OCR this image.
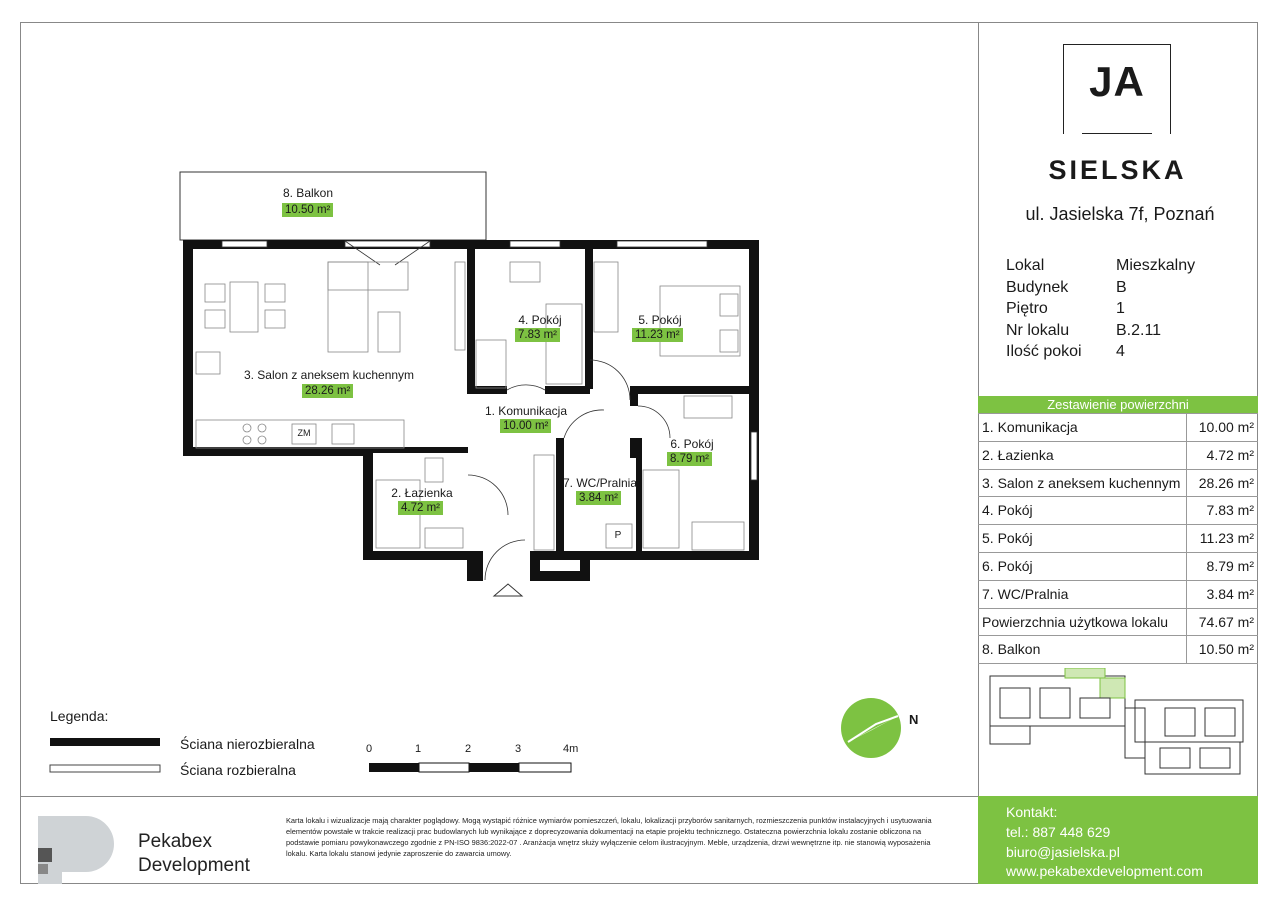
8. Balkon
10.50 m²
3. Salon z aneksem kuchennym
28.26 m²
4. Pokój
7.83 m²
5. Pokój
11.23 m²
1. Komunikacja
10.00 m²
6. Pokój
8.79 m²
2. Łazienka
4.72 m²
7. WC/Pralnia
3.84 m²
ZM
P
N
Legenda:
Ściana nierozbieralna
Ściana rozbieralna
0	1	2	3	4m
JA
SIELSKA
ul. Jasielska 7f, Poznań
Lokal	Mieszkalny
Budynek	B
Piętro	1
Nr lokalu	B.2.11
Ilość pokoi	4
Zestawienie powierzchni
1. Komunikacja	10.00 m²
2. Łazienka	4.72 m²
3. Salon z aneksem kuchennym	28.26 m²
4. Pokój	7.83 m²
5. Pokój	11.23 m²
6. Pokój	8.79 m²
7. WC/Pralnia	3.84 m²
Powierzchnia użytkowa lokalu	74.67 m²
8. Balkon	10.50 m²
Kontakt:
tel.: 887 448 629
biuro@jasielska.pl
www.pekabexdevelopment.com
Pekabex
Development
Karta lokalu i wizualizacje mają charakter poglądowy. Mogą wystąpić różnice wymiarów pomieszczeń, lokalu, lokalizacji przyborów sanitarnych, rozmieszczenia punktów instalacyjnych i usytuowania elementów powstałe w trakcie realizacji prac budowlanych lub wynikające z doprecyzowania dokumentacji na etapie projektu technicznego. Ostateczna powierzchnia lokalu zostanie obliczona na podstawie pomiaru powykonawczego zgodnie z PN-ISO 9836:2022-07 . Aranżacja wnętrz służy wyłączenie celom ilustracyjnym. Meble, urządzenia, drzwi wewnętrzne itp. nie stanowią wyposażenia lokalu. Karta lokalu stanowi jedynie zaproszenie do zawarcia umowy.
